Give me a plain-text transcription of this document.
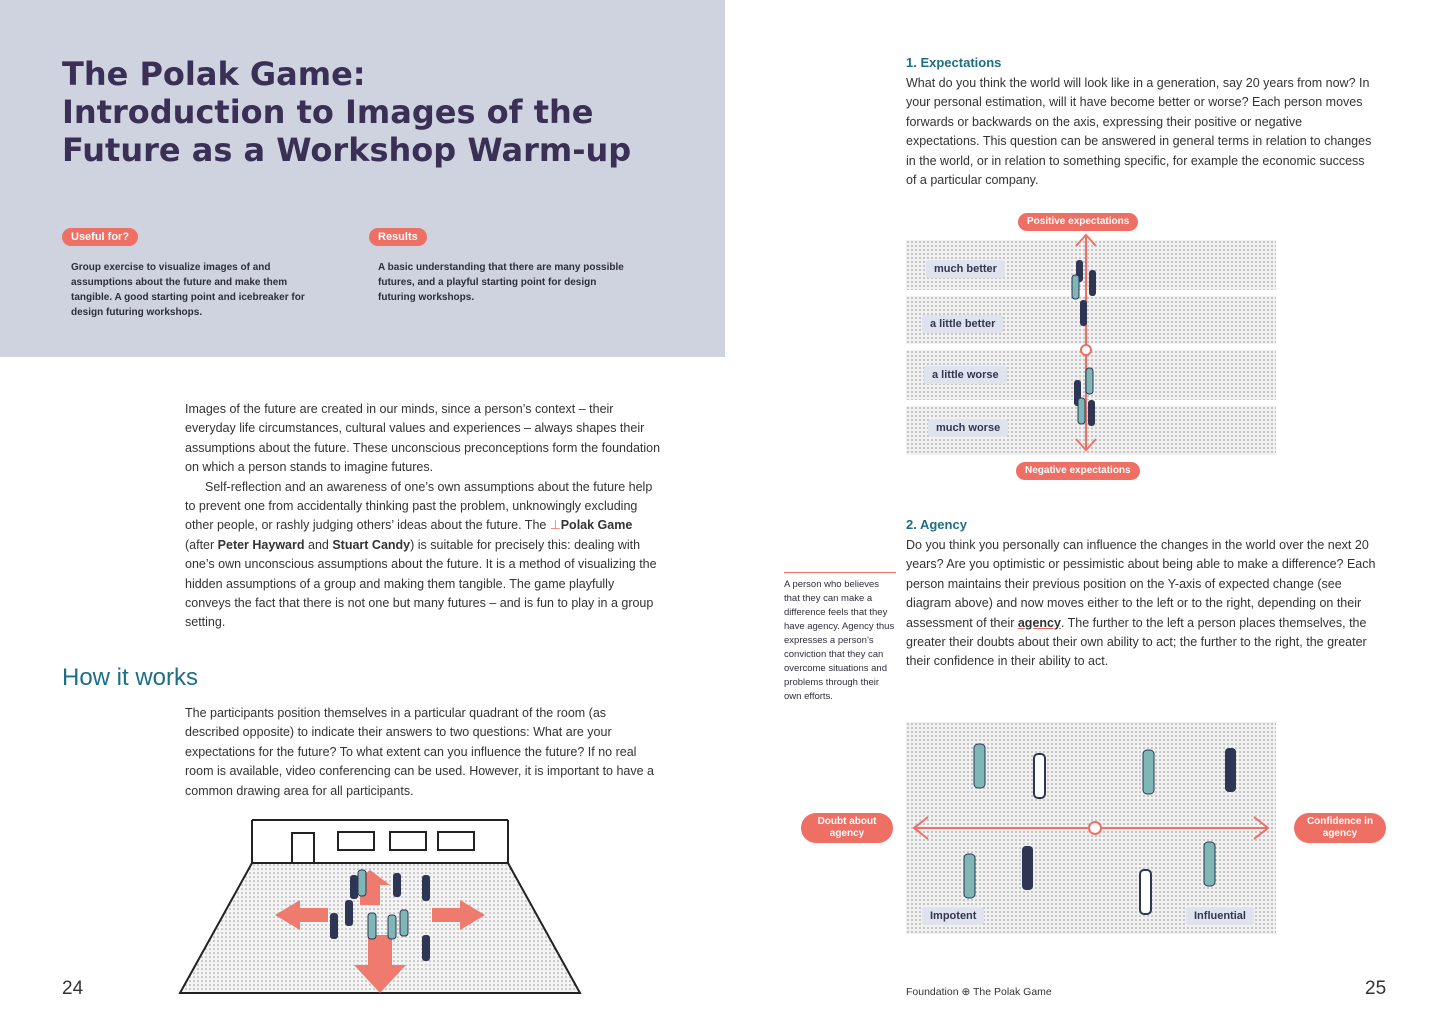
The Polak Game:
Introduction to Images of the
Future as a Workshop Warm-up
Useful for?
Group exercise to visualize images of and assumptions about the future and make them tangible. A good starting point and icebreaker for design futuring workshops.
Results
A basic understanding that there are many possible futures, and a playful starting point for design futuring workshops.

Images of the future are created in our minds, since a person’s context – their everyday life circumstances, cultural values and experiences – always shapes their assumptions about the future. These unconscious preconceptions form the foundation on which a person stands to imagine futures.

Self-reflection and an awareness of one’s own assumptions about the future help to prevent one from accidentally thinking past the problem, unknowingly excluding other people, or rashly judging others’ ideas about the future. The ⊥Polak Game (after Peter Hayward and Stuart Candy) is suitable for precisely this: dealing with one’s own unconscious assumptions about the future. It is a method of visualizing the hidden assumptions of a group and making them tangible. The game playfully conveys the fact that there is not one but many futures – and is fun to play in a group setting.

How it works
The participants position themselves in a particular quadrant of the room (as described opposite) to indicate their answers to two questions: What are your expectations for the future? To what extent can you influence the future? If no real room is available, video conferencing can be used. However, it is important to have a common drawing area for all participants.
24
1. Expectations
What do you think the world will look like in a generation, say 20 years from now? In your personal estimation, will it have become better or worse? Each person moves forwards or backwards on the axis, expressing their positive or negative expectations. This question can be answered in general terms in relation to changes in the world, or in relation to something specific, for example the economic success of a particular company.
much better
a little better
a little worse
much worse
Positive expectations
Negative expectations
2. Agency
Do you think you personally can influence the changes in the world over the next 20 years? Are you optimistic or pessimistic about being able to make a difference? Each person maintains their previous position on the Y-axis of expected change (see diagram above) and now moves either to the left or to the right, depending on their assessment of their agency. The further to the left a person places themselves, the greater their doubts about their own ability to act; the further to the right, the greater their confidence in their ability to act.
A person who believes that they can make a difference feels that they have agency. Agency thus expresses a person’s conviction that they can overcome situations and problems through their own efforts.
Impotent	Influential
Doubt about agency
Confidence in agency
Foundation ⊕ The Polak Game	25
